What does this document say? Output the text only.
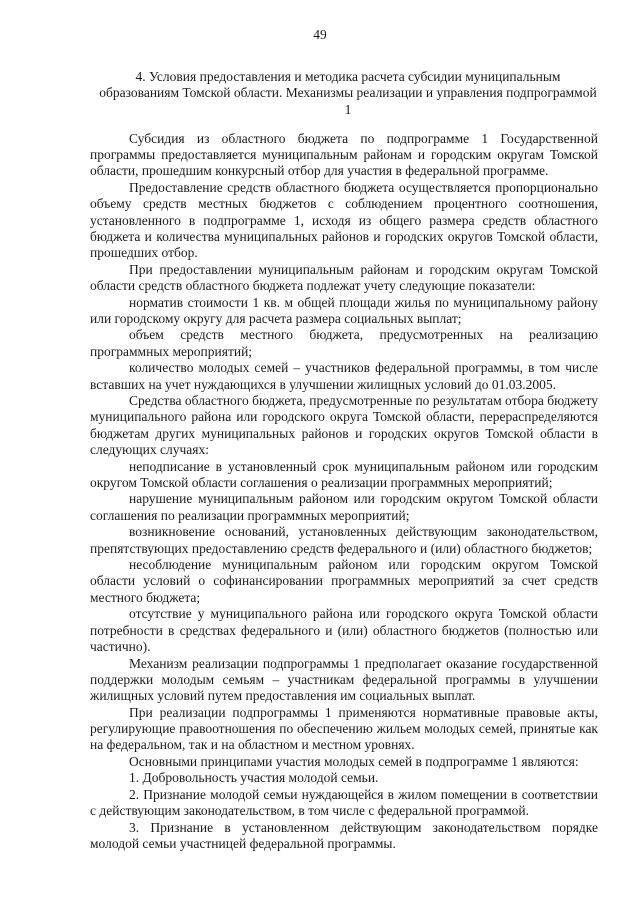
49
4. Условия предоставления и методика расчета субсидии муниципальным образованиям Томской области. Механизмы реализации и управления подпрограммой 1

Субсидия из областного бюджета по подпрограмме 1 Государственной программы предоставляется муниципальным районам и городским округам Томской области, прошедшим конкурсный отбор для участия в федеральной программе.

Предоставление средств областного бюджета осуществляется пропорционально объему средств местных бюджетов с соблюдением процентного соотношения, установленного в подпрограмме 1, исходя из общего размера средств областного бюджета и количества муниципальных районов и городских округов Томской области, прошедших отбор.

При предоставлении муниципальным районам и городским округам Томской области средств областного бюджета подлежат учету следующие показатели:

норматив стоимости 1 кв. м общей площади жилья по муниципальному району или городскому округу для расчета размера социальных выплат;

объем средств местного бюджета, предусмотренных на реализацию программных мероприятий;

количество молодых семей – участников федеральной программы, в том числе вставших на учет нуждающихся в улучшении жилищных условий до 01.03.2005.

Средства областного бюджета, предусмотренные по результатам отбора бюджету муниципального района или городского округа Томской области, перераспределяются бюджетам других муниципальных районов и городских округов Томской области в следующих случаях:

неподписание в установленный срок муниципальным районом или городским округом Томской области соглашения о реализации программных мероприятий;

нарушение муниципальным районом или городским округом Томской области соглашения по реализации программных мероприятий;

возникновение оснований, установленных действующим законодательством, препятствующих предоставлению средств федерального и (или) областного бюджетов;

несоблюдение муниципальным районом или городским округом Томской области условий о софинансировании программных мероприятий за счет средств местного бюджета;

отсутствие у муниципального района или городского округа Томской области потребности в средствах федерального и (или) областного бюджетов (полностью или частично).

Механизм реализации подпрограммы 1 предполагает оказание государственной поддержки молодым семьям – участникам федеральной программы в улучшении жилищных условий путем предоставления им социальных выплат.

При реализации подпрограммы 1 применяются нормативные правовые акты, регулирующие правоотношения по обеспечению жильем молодых семей, принятые как на федеральном, так и на областном и местном уровнях.

Основными принципами участия молодых семей в подпрограмме 1 являются:

1. Добровольность участия молодой семьи.

2. Признание молодой семьи нуждающейся в жилом помещении в соответствии с действующим законодательством, в том числе с федеральной программой.

3. Признание в установленном действующим законодательством порядке молодой семьи участницей федеральной программы.
